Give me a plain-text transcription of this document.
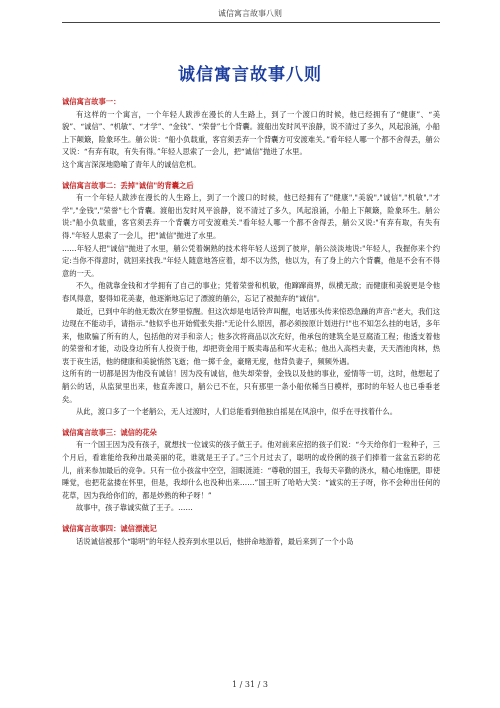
诚信寓言故事八则
诚信寓言故事八则
诚信寓言故事一：

有这样的一个寓言，一个年轻人跋涉在漫长的人生路上，到了一个渡口的时候，他已经拥有了“健康”、“美貌”、“诚信”、“机敏”、“才学”、“金钱”、“荣誉”七个背囊。渡船出发时风平浪静，说不清过了多久，风起浪涌，小船上下颠簸，险象环生。艄公说：“船小负载重，客官须丢弃一个背囊方可安渡难关。”看年轻人哪一个都不舍得丢，艄公又说：“有弃有取，有失有得。”年轻人思索了一会儿，把“诚信”抛进了水里。

这个寓言深深地隐喻了青年人的诚信危机。

诚信寓言故事二：丢掉"诚信"的背囊之后

有一个年轻人跋涉在漫长的人生路上，到了一个渡口的时候，他已经拥有了"健康","美貌","诚信","机敏","才学","金钱","荣誉"七个背囊。渡船出发时风平浪静，说不清过了多久，风起浪涌，小船上下颠簸，险象环生。艄公说:"船小负载重，客官须丢弃一个背囊方可安渡难关."看年轻人哪一个都不舍得丢，艄公又说:"有弃有取，有失有得."年轻人思索了一会儿，把"诚信"抛进了水里。

……年轻人把"诚信"抛进了水里，艄公凭着娴熟的技术将年轻人送到了彼岸，艄公淡淡地说:"年轻人，我握你来个约定:当你不得意时，就回来找我."年轻人随意地答应着，却不以为然，他以为，有了身上的六个背囊，他是不会有不得意的一天。

不久，他就靠金钱和才学拥有了自己的事业；凭着荣誉和机敏，他蹿蹿商界，纵横无敌；而健康和美貌更是令他春风得意，娶得如花美妻，他逐渐地忘记了漂渡的艄公，忘记了被抛弃的"诚信"。

最近，已到中年的他无数次在梦里惊醒。但这次却是电话铃声叫醒，电话那头传来惊恐急躁的声音:"老大，我们这边现在不能动手，请指示."他似乎也开始慌张失措:"无论什么原因，都必须按原计划进行!"也不知怎么挂的电话，多年来，他欺骗了所有的人，包括他的对手和亲人；他多次将商品以次充好，他承包的建筑全是豆腐渣工程；他透支着他的荣誉和才能，动设身边所有人投资于他，却把资金用于贩卖毒品和军火走私；他出入高档夫妻，天天酒池肉林，热衷于夜生活，他的健康和美貌悄然飞逝；他一掷千金，豪赌无度，他背负妻子，频频外遇。

这所有的一切都是因为他没有诚信！因为没有诚信，他失却荣誉，金钱以及他的事业，爱情等一切，这时，他想起了艄公的话，从监狱里出来，他直奔渡口，艄公已不在，只有那里一条小船依稀当日模样，那时的年轻人也已垂垂老矣。

从此，渡口多了一个老艄公，无人过渡时，人们总能看到他独自摇晃在风浪中，似乎在寻找着什么。

诚信寓言故事三：诚信的花朵

有一个国王因为没有孩子，就想找一位诚实的孩子做王子。他对前来应招的孩子们说：“今天给你们一粒种子，三个月后，看谁能给我种出最美丽的花，谁就是王子了。”三个月过去了，聪明的或伶俐的孩子们捧着一盆盆五彩的花儿，前来参加最后的竞争。只有一位小孩盆中空空，泪眼涟涟：“尊敬的国王，我每天辛勤的浇水，精心地施肥，即使睡觉，也把花盆搂在怀里，但是，我却什么也没种出来……”国王听了哈哈大笑：“诚实的王子呀，你不会种出任何的花草，因为我给你们的，都是炒熟的种子呀！”

故事中，孩子靠诚实做了王子。……

诚信寓言故事四：诚信漂流记

话说诚信被那个“聪明”的年轻人投弃到水里以后，他拼命地游着，最后来到了一个小岛

1 / 31 / 3
